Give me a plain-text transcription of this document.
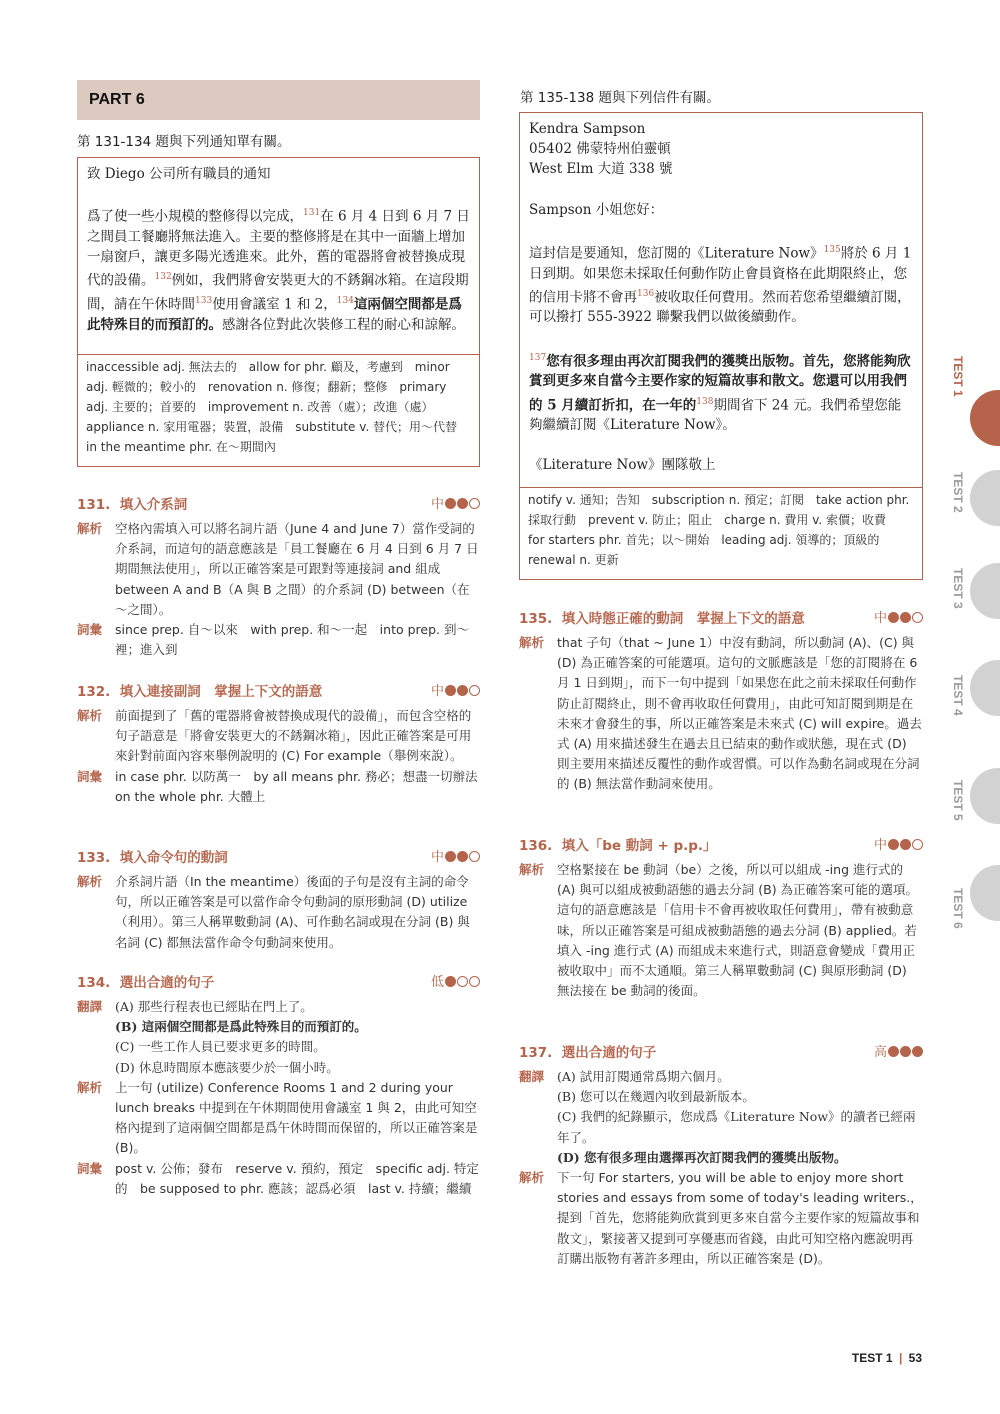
PART 6
第 131-134 題與下列通知單有關。

致 Diego 公司所有職員的通知

爲了使一些小規模的整修得以完成，$^{131}$在 6 月 4 日到 6 月 7 日之間員工餐廳將無法進入。主要的整修將是在其中一面牆上增加一扇窗戶，讓更多陽光透進來。此外，舊的電器將會被替換成現代的設備。$^{132}$例如，我們將會安裝更大的不銹鋼冰箱。在這段期間，請在午休時間$^{133}$使用會議室 1 和 2，$^{134}$這兩個空間都是爲此特殊目的而預訂的。感謝各位對此次裝修工程的耐心和諒解。

inaccessible adj. 無法去的　allow for phr. 顧及，考慮到　minor adj. 輕微的；較小的　renovation n. 修復；翻新；整修　primary adj. 主要的；首要的　improvement n. 改善（處）；改進（處）　appliance n. 家用電器；裝置，設備　substitute v. 替代；用～代替　in the meantime phr. 在～期間內
131. 填入介系詞	中
解析 空格內需填入可以將名詞片語（June 4 and June 7）當作受詞的介系詞，而這句的語意應該是「員工餐廳在 6 月 4 日到 6 月 7 日期間無法使用」，所以正確答案是可跟對等連接詞 and 組成 between A and B（A 與 B 之間）的介系詞 (D) between（在～之間）。
詞彙 since prep. 自～以來　with prep. 和～一起　into prep. 到～裡；進入到
132. 填入連接副詞　掌握上下文的語意	中
解析 前面提到了「舊的電器將會被替換成現代的設備」，而包含空格的句子語意是「將會安裝更大的不銹鋼冰箱」，因此正確答案是可用來針對前面內容來舉例說明的 (C) For example（舉例來說）。
詞彙 in case phr. 以防萬一　by all means phr. 務必；想盡一切辦法　on the whole phr. 大體上
133. 填入命令句的動詞	中
解析 介系詞片語（In the meantime）後面的子句是沒有主詞的命令句，所以正確答案是可以當作命令句動詞的原形動詞 (D) utilize（利用）。第三人稱單數動詞 (A)、可作動名詞或現在分詞 (B) 與名詞 (C) 都無法當作命令句動詞來使用。
134. 選出合適的句子	低
翻譯 (A) 那些行程表也已經貼在門上了。
(B) 這兩個空間都是爲此特殊目的而預訂的。
(C) 一些工作人員已要求更多的時間。
(D) 休息時間原本應該要少於一個小時。
解析 上一句 (utilize) Conference Rooms 1 and 2 during your lunch breaks 中提到在午休期間使用會議室 1 與 2，由此可知空格內提到了這兩個空間都是爲午休時間而保留的，所以正確答案是 (B)。
詞彙 post v. 公佈；發布　reserve v. 預約，預定　specific adj. 特定的　be supposed to phr. 應該；認爲必須　last v. 持續；繼續
第 135-138 題與下列信件有關。

Kendra Sampson

05402 佛蒙特州伯靈頓

West Elm 大道 338 號

Sampson 小姐您好：

這封信是要通知，您訂閱的《Literature Now》$^{135}$將於 6 月 1 日到期。如果您未採取任何動作防止會員資格在此期限終止，您的信用卡將不會再$^{136}$被收取任何費用。然而若您希望繼續訂閱，可以撥打 555-3922 聯繫我們以做後續動作。

$^{137}$您有很多理由再次訂閱我們的獲獎出版物。首先，您將能夠欣賞到更多來自當今主要作家的短篇故事和散文。您還可以用我們的 5 月續訂折扣，在一年的$^{138}$期間省下 24 元。我們希望您能夠繼續訂閱《Literature Now》。

《Literature Now》團隊敬上

notify v. 通知；告知　subscription n. 預定；訂閱　take action phr. 採取行動　prevent v. 防止；阻止　charge n. 費用 v. 索價；收費　for starters phr. 首先；以～開始　leading adj. 領導的；頂級的　renewal n. 更新
135. 填入時態正確的動詞　掌握上下文的語意	中
解析 that 子句（that ~ June 1）中沒有動詞，所以動詞 (A)、(C) 與 (D) 為正確答案的可能選項。這句的文脈應該是「您的訂閱將在 6 月 1 日到期」，而下一句中提到「如果您在此之前未採取任何動作防止訂閱終止，則不會再收取任何費用」，由此可知訂閱到期是在未來才會發生的事，所以正確答案是未來式 (C) will expire。過去式 (A) 用來描述發生在過去且已結束的動作或狀態，現在式 (D) 則主要用來描述反覆性的動作或習慣。可以作為動名詞或現在分詞的 (B) 無法當作動詞來使用。
136. 填入「be 動詞 + p.p.」	中
解析 空格緊接在 be 動詞（be）之後，所以可以組成 -ing 進行式的 (A) 與可以組成被動語態的過去分詞 (B) 為正確答案可能的選項。這句的語意應該是「信用卡不會再被收取任何費用」，帶有被動意味，所以正確答案是可組成被動語態的過去分詞 (B) applied。若填入 -ing 進行式 (A) 而組成未來進行式，則語意會變成「費用正被收取中」而不太通順。第三人稱單數動詞 (C) 與原形動詞 (D) 無法接在 be 動詞的後面。
137. 選出合適的句子	高
翻譯 (A) 試用訂閱通常爲期六個月。
(B) 您可以在幾週內收到最新版本。
(C) 我們的紀錄顯示，您成爲《Literature Now》的讀者已經兩年了。
(D) 您有很多理由選擇再次訂閱我們的獲獎出版物。
解析 下一句 For starters, you will be able to enjoy more short stories and essays from some of today's leading writers.，提到「首先，您將能夠欣賞到更多來自當今主要作家的短篇故事和散文」，緊接著又提到可享優惠而省錢，由此可知空格內應說明再訂購出版物有著許多理由，所以正確答案是 (D)。
TEST 1
TEST 2
TEST 3
TEST 4
TEST 5
TEST 6
TEST 1 | 53
